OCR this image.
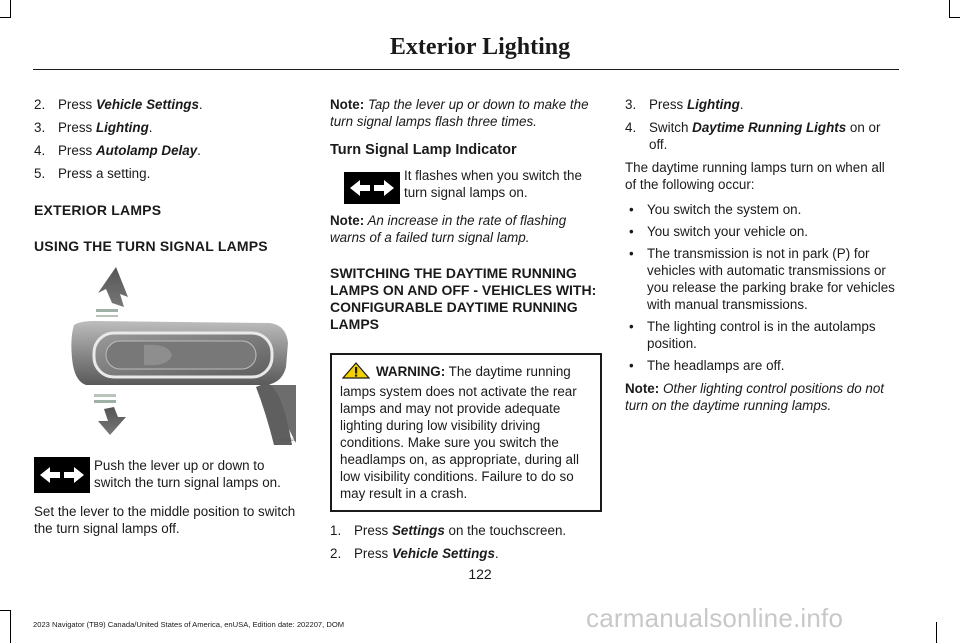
Exterior Lighting
2. Press Vehicle Settings.
3. Press Lighting.
4. Press Autolamp Delay.
5. Press a setting.

EXTERIOR LAMPS

USING THE TURN SIGNAL LAMPS

E311828

Push the lever up or down to switch the turn signal lamps on.

Set the lever to the middle position to switch the turn signal lamps off.

Note: Tap the lever up or down to make the turn signal lamps flash three times.

Turn Signal Lamp Indicator

It flashes when you switch the turn signal lamps on.

Note: An increase in the rate of flashing warns of a failed turn signal lamp.

SWITCHING THE DAYTIME RUNNING LAMPS ON AND OFF - VEHICLES WITH: CONFIGURABLE DAYTIME RUNNING LAMPS

WARNING: The daytime running lamps system does not activate the rear lamps and may not provide adequate lighting during low visibility driving conditions. Make sure you switch the headlamps on, as appropriate, during all low visibility conditions. Failure to do so may result in a crash.

1. Press Settings on the touchscreen.
2. Press Vehicle Settings.
3. Press Lighting.
4. Switch Daytime Running Lights on or off.

The daytime running lamps turn on when all of the following occur:

• You switch the system on.
• You switch your vehicle on.
• The transmission is not in park (P) for vehicles with automatic transmissions or you release the parking brake for vehicles with manual transmissions.
• The lighting control is in the autolamps position.
• The headlamps are off.

Note: Other lighting control positions do not turn on the daytime running lamps.

122
2023 Navigator (TB9) Canada/United States of America, enUSA, Edition date: 202207, DOM	carmanualsonline.info
